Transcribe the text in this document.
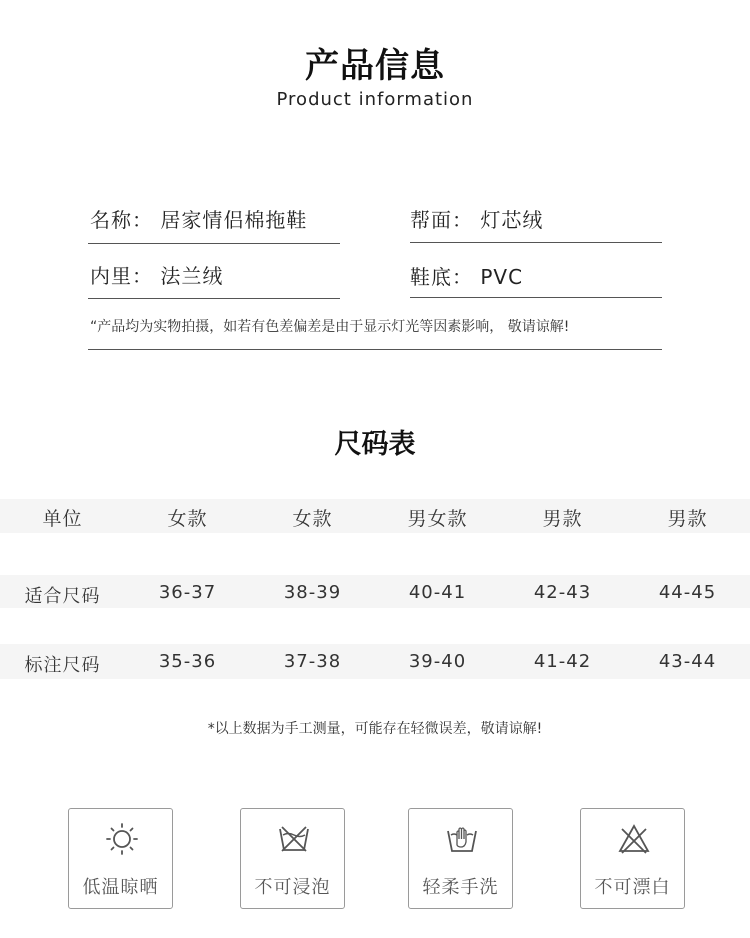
产品信息
Product information
名称： 居家情侣棉拖鞋	帮面： 灯芯绒
内里： 法兰绒	鞋底： PVC
“产品均为实物拍摄，如若有色差偏差是由于显示灯光等因素影响， 敬请谅解!
尺码表
单位	女款	女款	男女款	男款	男款
适合尺码	36-37	38-39	40-41	42-43	44-45
标注尺码	35-36	37-38	39-40	41-42	43-44
*以上数据为手工测量，可能存在轻微误差，敬请谅解!
低温晾晒	不可浸泡	轻柔手洗	不可漂白
